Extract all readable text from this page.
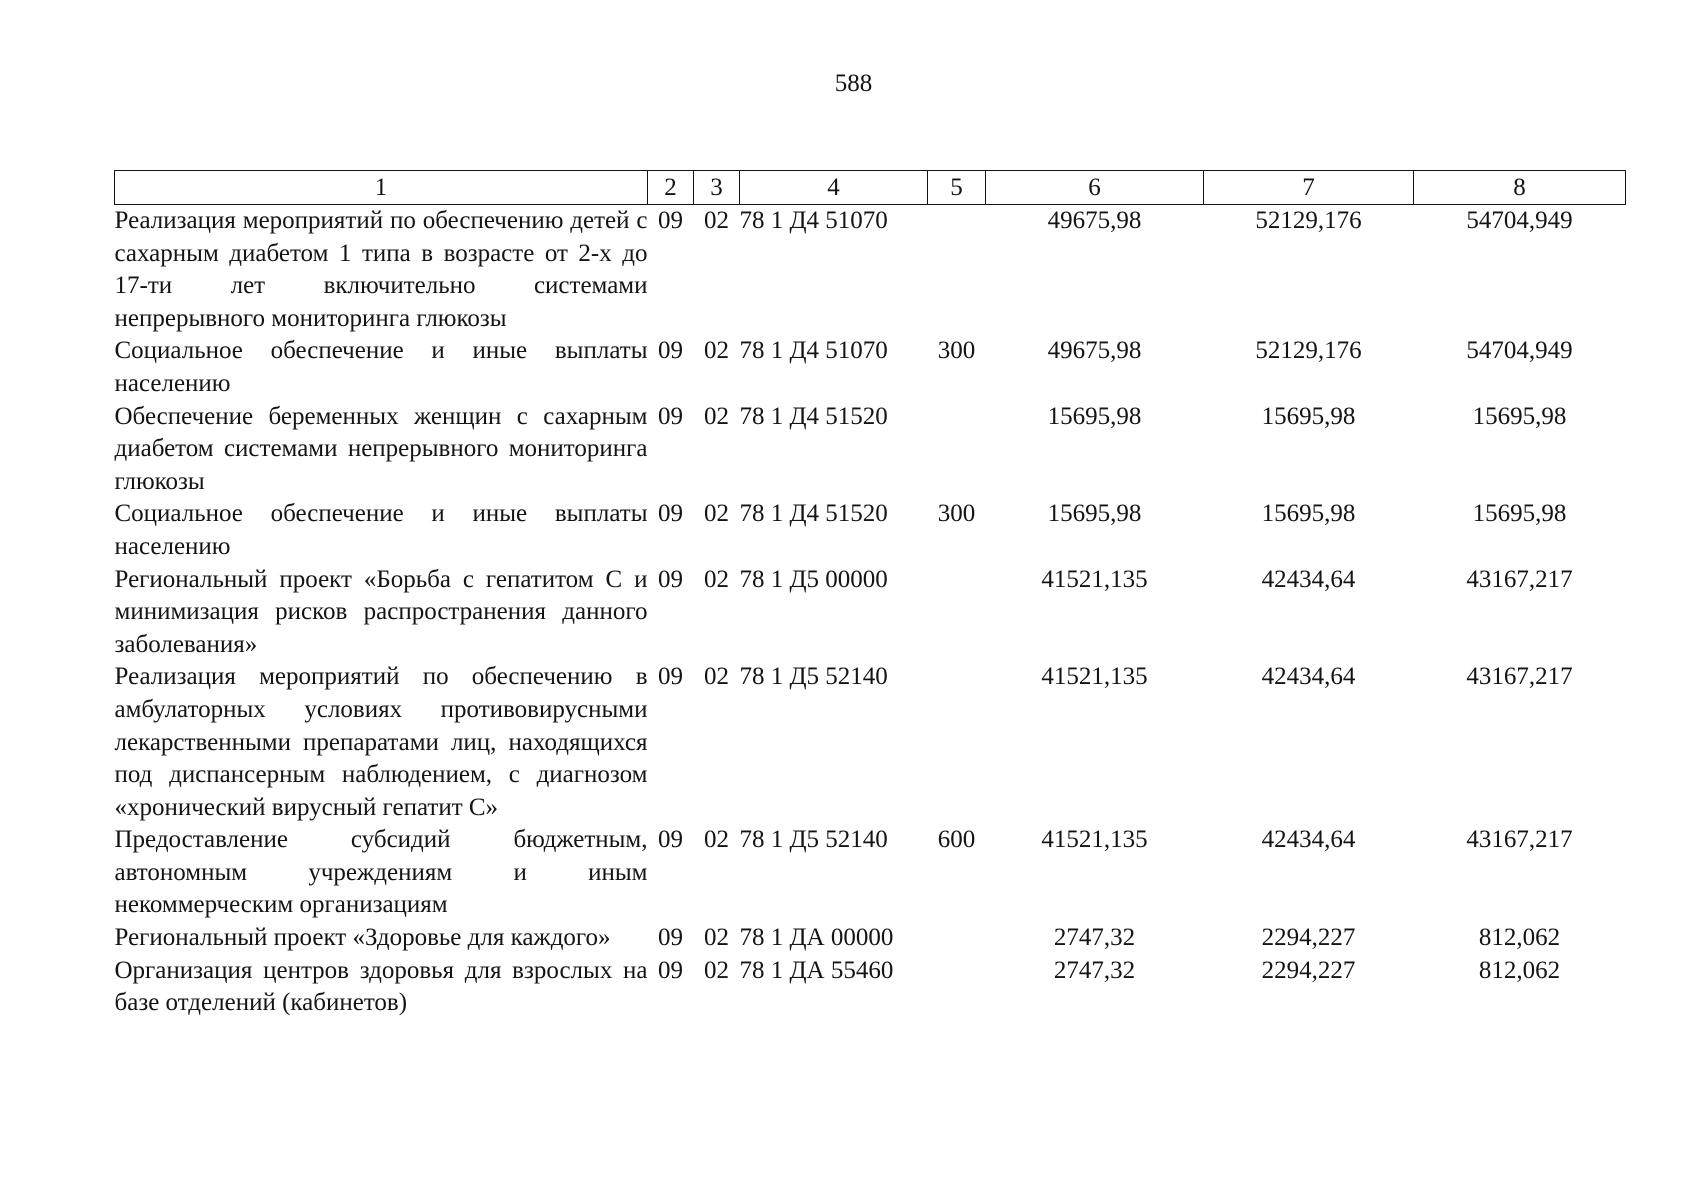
588
1	2	3	4	5	6	7	8
Реализация мероприятий по обеспечению детей с сахарным диабетом 1 типа в возрасте от 2-х до 17-ти лет включительно системами непрерывного мониторинга глюкозы	09	02	78 1 Д4 51070		49675,98	52129,176	54704,949
Социальное обеспечение и иные выплаты населению	09	02	78 1 Д4 51070	300	49675,98	52129,176	54704,949
Обеспечение беременных женщин с сахарным диабетом системами непрерывного мониторинга глюкозы	09	02	78 1 Д4 51520		15695,98	15695,98	15695,98
Социальное обеспечение и иные выплаты населению	09	02	78 1 Д4 51520	300	15695,98	15695,98	15695,98
Региональный проект «Борьба с гепатитом С и минимизация рисков распространения данного заболевания»	09	02	78 1 Д5 00000		41521,135	42434,64	43167,217
Реализация мероприятий по обеспечению в амбулаторных условиях противовирусными лекарственными препаратами лиц, находящихся под диспансерным наблюдением, с диагнозом «хронический вирусный гепатит С»	09	02	78 1 Д5 52140		41521,135	42434,64	43167,217
Предоставление субсидий бюджетным, автономным учреждениям и иным некоммерческим организациям	09	02	78 1 Д5 52140	600	41521,135	42434,64	43167,217
Региональный проект «Здоровье для каждого»	09	02	78 1 ДА 00000		2747,32	2294,227	812,062
Организация центров здоровья для взрослых на базе отделений (кабинетов)	09	02	78 1 ДА 55460		2747,32	2294,227	812,062
